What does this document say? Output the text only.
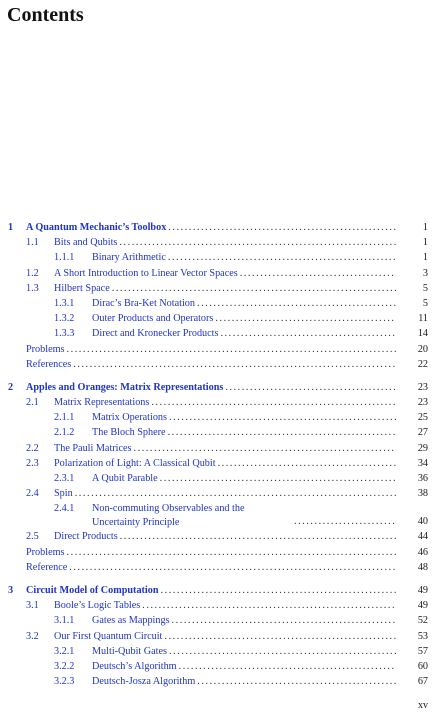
Contents
1 A Quantum Mechanic’s Toolbox . . .	1
1.1 Bits and Qubits . . .	1
1.1.1 Binary Arithmetic . . .	1
1.2 A Short Introduction to Linear Vector Spaces . . .	3
1.3 Hilbert Space . . .	5
1.3.1 Dirac’s Bra-Ket Notation . . .	5
1.3.2 Outer Products and Operators . . .	11
1.3.3 Direct and Kronecker Products . . .	14
Problems . . .	20
References . . .	22
2 Apples and Oranges: Matrix Representations . . .	23
2.1 Matrix Representations . . .	23
2.1.1 Matrix Operations . . .	25
2.1.2 The Bloch Sphere . . .	27
2.2 The Pauli Matrices . . .	29
2.3 Polarization of Light: A Classical Qubit . . .	34
2.3.1 A Qubit Parable . . .	36
2.4 Spin . . .	38
2.4.1 Non-commuting Observables and the Uncertainty Principle . . .	40
2.5 Direct Products . . .	44
Problems . . .	46
Reference . . .	48
3 Circuit Model of Computation . . .	49
3.1 Boole’s Logic Tables . . .	49
3.1.1 Gates as Mappings . . .	52
3.2 Our First Quantum Circuit . . .	53
3.2.1 Multi-Qubit Gates . . .	57
3.2.2 Deutsch’s Algorithm . . .	60
3.2.3 Deutsch-Josza Algorithm . . .	67
xv
